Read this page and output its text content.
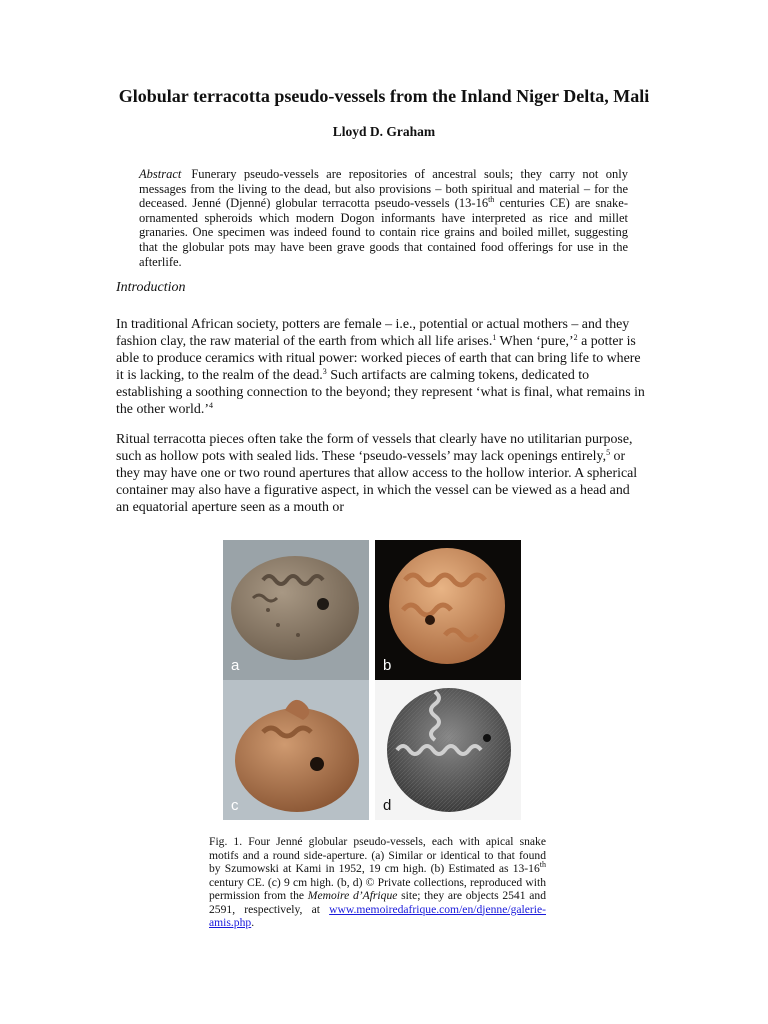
Globular terracotta pseudo-vessels from the Inland Niger Delta, Mali
Lloyd D. Graham

Abstract Funerary pseudo-vessels are repositories of ancestral souls; they carry not only messages from the living to the dead, but also provisions – both spiritual and material – for the deceased. Jenné (Djenné) globular terracotta pseudo-vessels (13-16th centuries CE) are snake-ornamented spheroids which modern Dogon informants have interpreted as rice and millet granaries. One specimen was indeed found to contain rice grains and boiled millet, suggesting that the globular pots may have been grave goods that contained food offerings for use in the afterlife.

Introduction

In traditional African society, potters are female – i.e., potential or actual mothers – and they fashion clay, the raw material of the earth from which all life arises.$^1$ When ‘pure,’$^2$ a potter is able to produce ceramics with ritual power: worked pieces of earth that can bring life to where it is lacking, to the realm of the dead.$^3$ Such artifacts are calming tokens, dedicated to establishing a soothing connection to the beyond; they represent ‘what is final, what remains in the other world.’$^4$

Ritual terracotta pieces often take the form of vessels that clearly have no utilitarian purpose, such as hollow pots with sealed lids. These ‘pseudo-vessels’ may lack openings entirely,$^5$ or they may have one or two round apertures that allow access to the hollow interior. A spherical container may also have a figurative aspect, in which the vessel can be viewed as a head and an equatorial aperture seen as a mouth or

a	b
c	d

Fig. 1. Four Jenné globular pseudo-vessels, each with apical snake motifs and a round side-aperture. (a) Similar or identical to that found by Szumowski at Kami in 1952, 19 cm high. (b) Estimated as 13-16th century CE. (c) 9 cm high. (b, d) © Private collections, reproduced with permission from the Memoire d’Afrique site; they are objects 2541 and 2591, respectively, at www.memoiredafrique.com/en/djenne/galerie-amis.php.
